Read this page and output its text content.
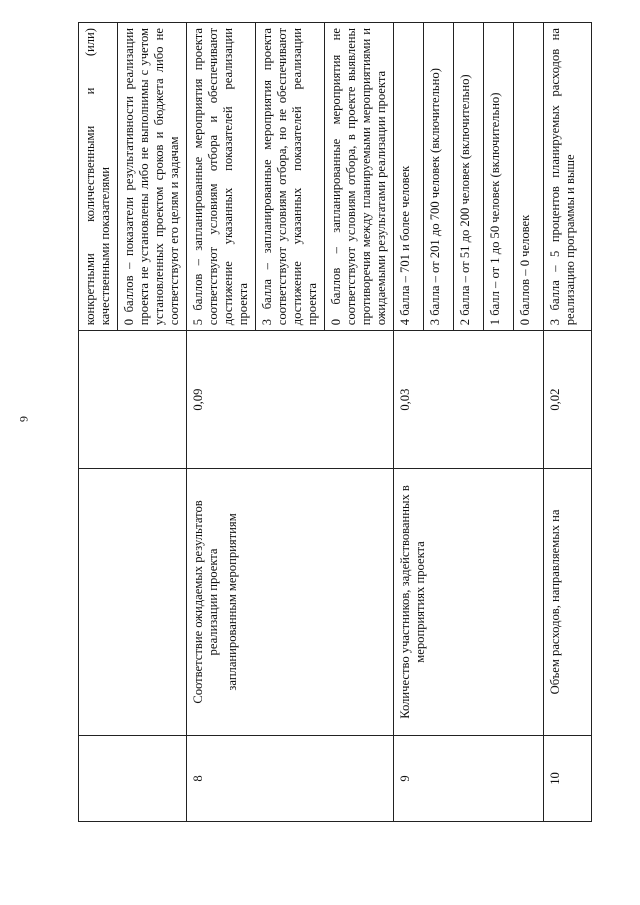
6
			конкретными количественными и (или) качественными показателями
			0 баллов – показатели результативности реализации проекта не установлены либо не выполнимы с учетом установленных проектом сроков и бюджета либо не соответствуют его целям и задачам
8	Соответствие ожидаемых результатов реализации проекта запланированным мероприятиям	0,09	5 баллов – запланированные мероприятия проекта соответствуют условиям отбора и обеспечивают достижение указанных показателей реализации проекта
			3 балла – запланированные мероприятия проекта соответствуют условиям отбора, но не обеспечивают достижение указанных показателей реализации проекта
			0 баллов – запланированные мероприятия не соответствуют условиям отбора, в проекте выявлены противоречия между планируемыми мероприятиями и ожидаемыми результатами реализации проекта
9	Количество участников, задействованных в мероприятиях проекта	0,03	4 балла – 701 и более человек
			3 балла – от 201 до 700 человек (включительно)
			2 балла – от 51 до 200 человек (включительно)
			1 балл – от 1 до 50 человек (включительно)
			0 баллов – 0 человек
10	Объем расходов, направляемых на	0,02	3 балла – 5 процентов планируемых расходов на реализацию программы и выше
